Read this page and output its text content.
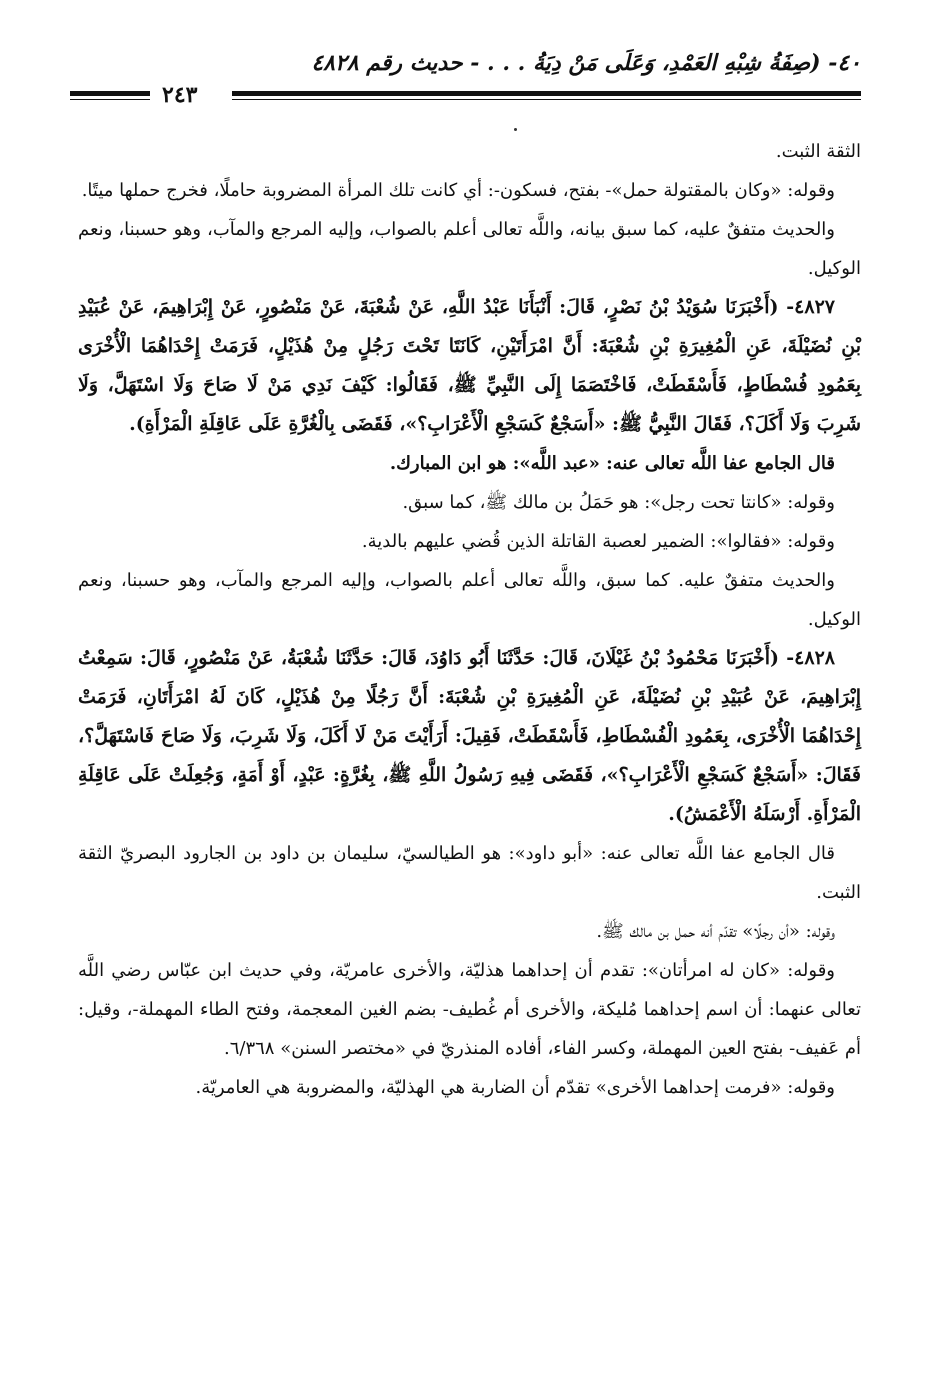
٤٠- (صِفَةُ شِبْهِ العَمْدِ، وَعَلَى مَنْ دِيَةُ . . . - حديث رقم ٤٨٢٨
٢٤٣

الثقة الثبت.

وقوله: «وكان بالمقتولة حمل»- بفتح، فسكون-: أي كانت تلك المرأة المضروبة حاملًا، فخرج حملها ميتًا.

والحديث متفقٌ عليه، كما سبق بيانه، واللَّه تعالى أعلم بالصواب، وإليه المرجع والمآب، وهو حسبنا، ونعم الوكيل.

٤٨٢٧- (أَخْبَرَنَا سُوَيْدُ بْنُ نَصْرٍ، قَالَ: أَنْبَأَنَا عَبْدُ اللَّهِ، عَنْ شُعْبَةَ، عَنْ مَنْصُورٍ، عَنْ إِبْرَاهِيمَ، عَنْ عُبَيْدِ بْنِ نُضَيْلَةَ، عَنِ الْمُغِيرَةِ بْنِ شُعْبَةَ: أَنَّ امْرَأَتَيْنِ، كَانَتَا تَحْتَ رَجُلٍ مِنْ هُذَيْلٍ، فَرَمَتْ إِحْدَاهُمَا الْأُخْرَى بِعَمُودِ فُسْطَاطٍ، فَأَسْقَطَتْ، فَاخْتَصَمَا إِلَى النَّبِيِّ ﷺ، فَقَالُوا: كَيْفَ نَدِي مَنْ لَا صَاحَ وَلَا اسْتَهَلَّ، وَلَا شَرِبَ وَلَا أَكَلَ؟، فَقَالَ النَّبِيُّ ﷺ: «أَسَجْعٌ كَسَجْعِ الْأَعْرَابِ؟»، فَقَضَى بِالْغُرَّةِ عَلَى عَاقِلَةِ الْمَرْأَةِ).

قال الجامع عفا اللَّه تعالى عنه: «عبد اللَّه»: هو ابن المبارك.

وقوله: «كانتا تحت رجل»: هو حَمَلُ بن مالك ﷺ، كما سبق.

وقوله: «فقالوا»: الضمير لعصبة القاتلة الذين قُضي عليهم بالدية.

والحديث متفقٌ عليه. كما سبق، واللَّه تعالى أعلم بالصواب، وإليه المرجع والمآب، وهو حسبنا، ونعم الوكيل.

٤٨٢٨- (أَخْبَرَنَا مَحْمُودُ بْنُ غَيْلَانَ، قَالَ: حَدَّثَنَا أَبُو دَاوُدَ، قَالَ: حَدَّثَنَا شُعْبَةُ، عَنْ مَنْصُورٍ، قَالَ: سَمِعْتُ إِبْرَاهِيمَ، عَنْ عُبَيْدِ بْنِ نُضَيْلَةَ، عَنِ الْمُغِيرَةِ بْنِ شُعْبَةَ: أَنَّ رَجُلًا مِنْ هُذَيْلٍ، كَانَ لَهُ امْرَأَتَانِ، فَرَمَتْ إِحْدَاهُمَا الْأُخْرَى، بِعَمُودِ الْفُسْطَاطِ، فَأَسْقَطَتْ، فَقِيلَ: أَرَأَيْتَ مَنْ لَا أَكَلَ، وَلَا شَرِبَ، وَلَا صَاحَ فَاسْتَهَلَّ؟، فَقَالَ: «أَسَجْعٌ كَسَجْعِ الْأَعْرَابِ؟»، فَقَضَى فِيهِ رَسُولُ اللَّهِ ﷺ، بِغُرَّةٍ: عَبْدٍ، أَوْ أَمَةٍ، وَجُعِلَتْ عَلَى عَاقِلَةِ الْمَرْأَةِ. أَرْسَلَهُ الْأَعْمَشُ).

قال الجامع عفا اللَّه تعالى عنه: «أبو داود»: هو الطيالسيّ، سليمان بن داود بن الجارود البصريّ الثقة الثبت.

وقوله: «أن رجلًا» تقدّم أنه حمل بن مالك ﷺ.

وقوله: «كان له امرأتان»: تقدم أن إحداهما هذليّة، والأخرى عامريّة، وفي حديث ابن عبّاس رضي اللَّه تعالى عنهما: أن اسم إحداهما مُليكة، والأخرى أم غُطيف- بضم الغين المعجمة، وفتح الطاء المهملة-، وقيل: أم عَفيف- بفتح العين المهملة، وكسر الفاء، أفاده المنذريّ في «مختصر السنن» ٦/٣٦٨.

وقوله: «فرمت إحداهما الأخرى» تقدّم أن الضاربة هي الهذليّة، والمضروبة هي العامريّة.
